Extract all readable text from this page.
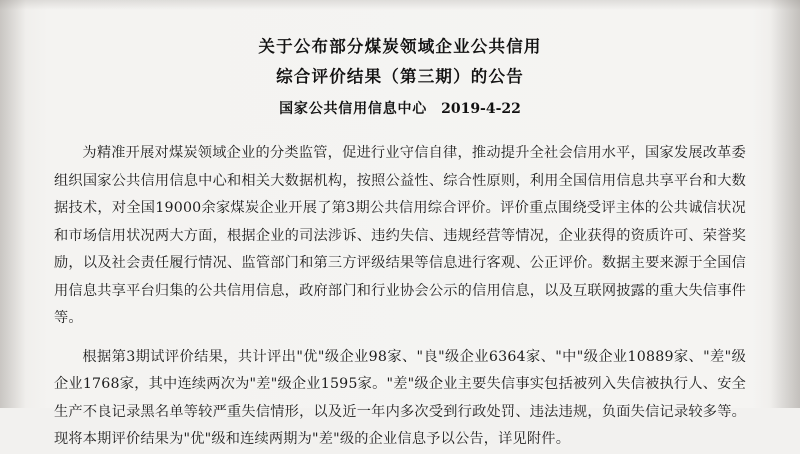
关于公布部分煤炭领域企业公共信用
综合评价结果（第三期）的公告
国家公共信用信息中心 2019-4-22

为精准开展对煤炭领域企业的分类监管，促进行业守信自律，推动提升全社会信用水平，国家发展改革委组织国家公共信用信息中心和相关大数据机构，按照公益性、综合性原则，利用全国信用信息共享平台和大数据技术，对全国19000余家煤炭企业开展了第3期公共信用综合评价。评价重点围绕受评主体的公共诚信状况和市场信用状况两大方面，根据企业的司法涉诉、违约失信、违规经营等情况，企业获得的资质许可、荣誉奖励，以及社会责任履行情况、监管部门和第三方评级结果等信息进行客观、公正评价。数据主要来源于全国信用信息共享平台归集的公共信用信息，政府部门和行业协会公示的信用信息，以及互联网披露的重大失信事件等。

根据第3期试评价结果，共计评出"优"级企业98家、"良"级企业6364家、"中"级企业10889家、"差"级企业1768家，其中连续两次为"差"级企业1595家。"差"级企业主要失信事实包括被列入失信被执行人、安全生产不良记录黑名单等较严重失信情形，以及近一年内多次受到行政处罚、违法违规，负面失信记录较多等。现将本期评价结果为"优"级和连续两期为"差"级的企业信息予以公告，详见附件。
